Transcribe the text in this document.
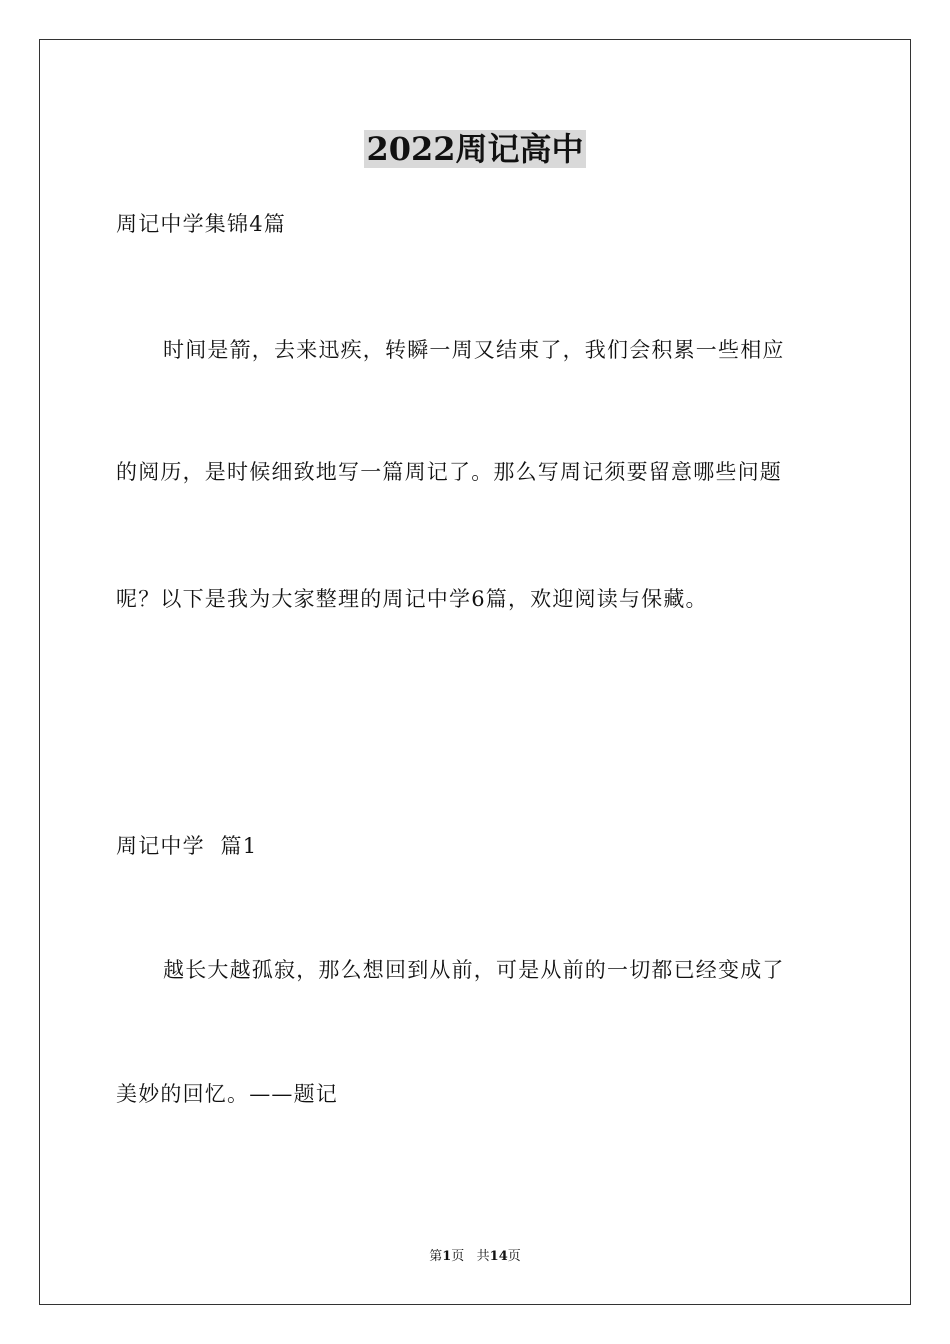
2022周记高中
周记中学集锦4篇
时间是箭，去来迅疾，转瞬一周又结束了，我们会积累一些相应
的阅历，是时候细致地写一篇周记了。那么写周记须要留意哪些问题
呢？以下是我为大家整理的周记中学6篇，欢迎阅读与保藏。
周记中学  篇1
越长大越孤寂，那么想回到从前，可是从前的一切都已经变成了
美妙的回忆。——题记
第1页   共14页
